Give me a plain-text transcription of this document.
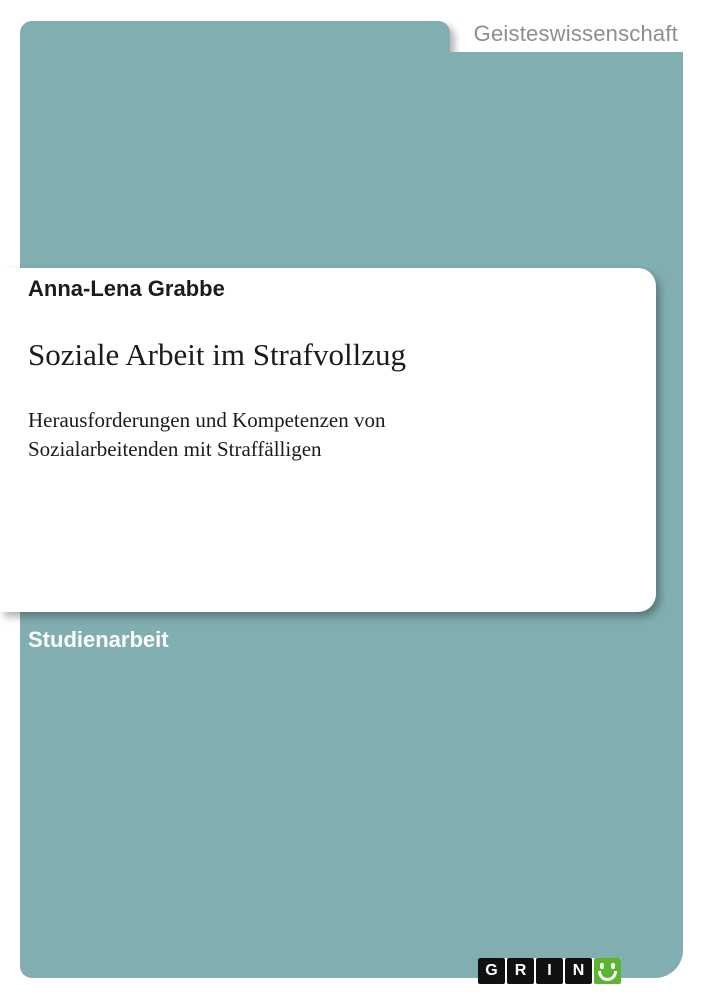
Geisteswissenschaft
Anna-Lena Grabbe
Soziale Arbeit im Strafvollzug
Herausforderungen und Kompetenzen von Sozialarbeitenden mit Straffälligen
Studienarbeit
G	R	I	N
